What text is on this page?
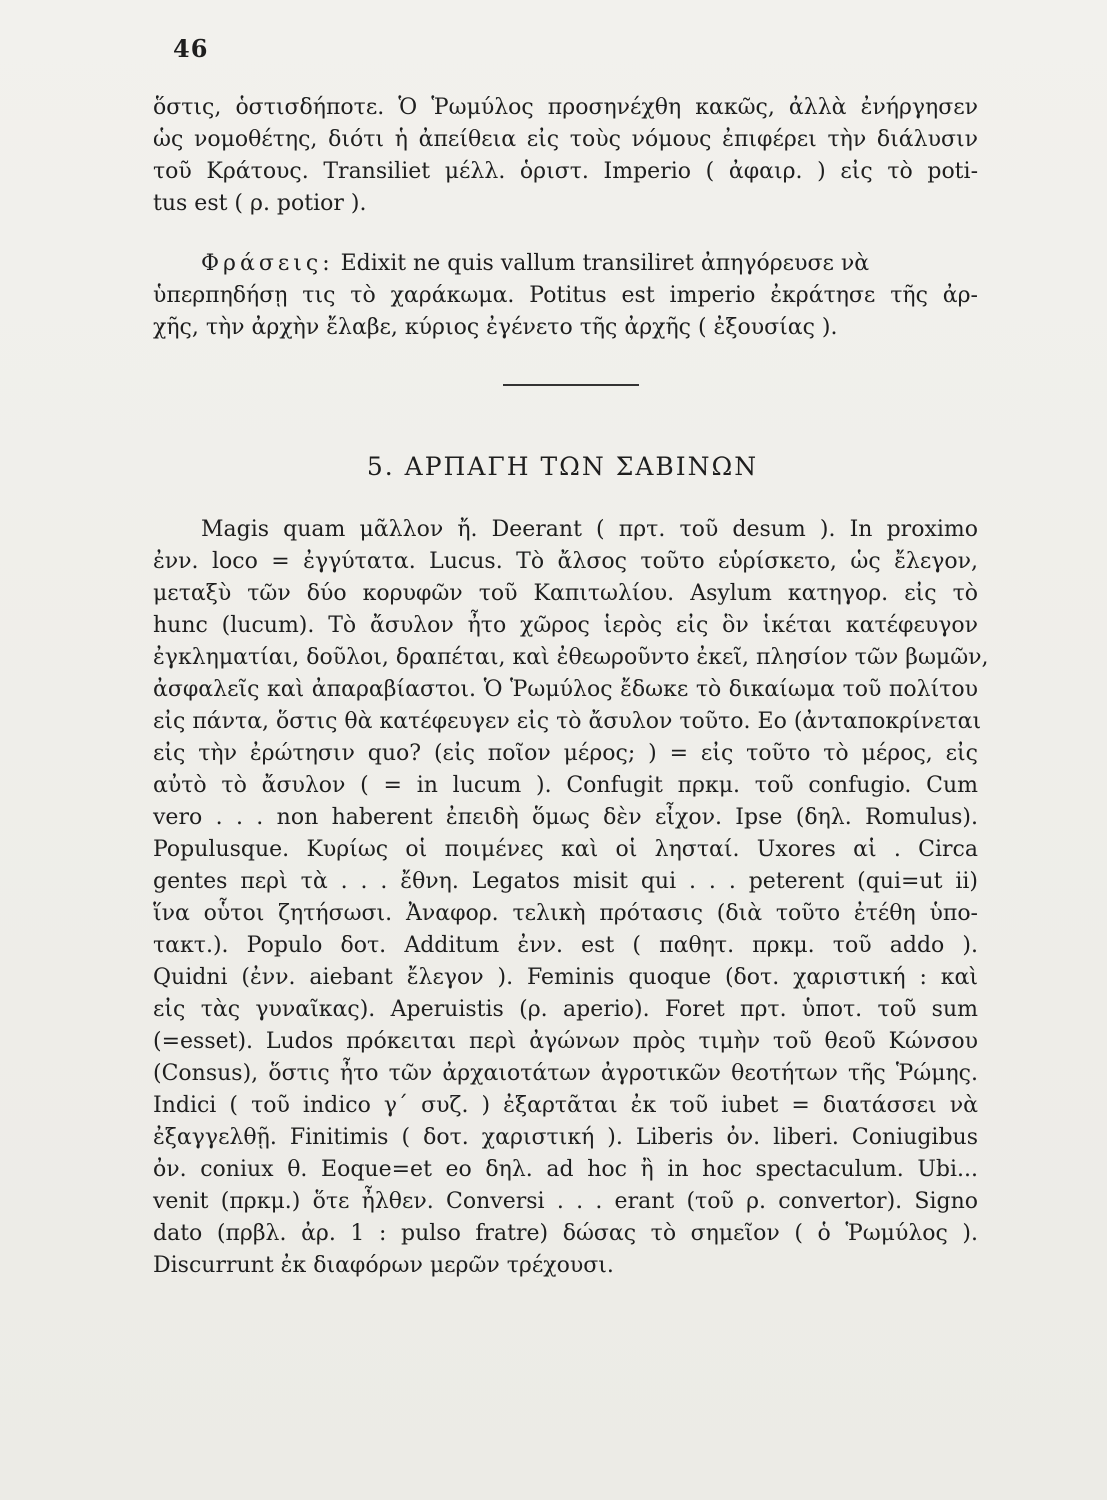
46
ὅστις, ὁστισδήποτε. Ὁ Ῥωμύλος προσηνέχθη κακῶς, ἀλλὰ ἐνήργησεν
ὡς νομοθέτης, διότι ἡ ἀπείθεια εἰς τοὺς νόμους ἐπιφέρει τὴν διάλυσιν
τοῦ Κράτους. Transiliet μέλλ. ὁριστ. Imperio ( ἀφαιρ. ) εἰς τὸ poti-
tus est ( ρ. potior ).
Φράσεις: Edixit ne quis vallum transiliret ἀπηγόρευσε νὰ
ὑπερπηδήσῃ τις τὸ χαράκωμα. Potitus est imperio ἐκράτησε τῆς ἀρ-
χῆς, τὴν ἀρχὴν ἔλαβε, κύριος ἐγένετο τῆς ἀρχῆς ( ἐξουσίας ).
5. ΑΡΠΑΓΗ ΤΩΝ ΣΑΒΙΝΩΝ
Magis quam μᾶλλον ἤ. Deerant ( πρτ. τοῦ desum ). In proximo
ἐνν. loco = ἐγγύτατα. Lucus. Τὸ ἄλσος τοῦτο εὑρίσκετο, ὡς ἔλεγον,
μεταξὺ τῶν δύο κορυφῶν τοῦ Καπιτωλίου. Asylum κατηγορ. εἰς τὸ
hunc (lucum). Τὸ ἄσυλον ἦτο χῶρος ἱερὸς εἰς ὃν ἱκέται κατέφευγον
ἐγκληματίαι, δοῦλοι, δραπέται, καὶ ἐθεωροῦντο ἐκεῖ, πλησίον τῶν βωμῶν,
ἀσφαλεῖς καὶ ἀπαραβίαστοι. Ὁ Ῥωμύλος ἔδωκε τὸ δικαίωμα τοῦ πολίτου
εἰς πάντα, ὅστις θὰ κατέφευγεν εἰς τὸ ἄσυλον τοῦτο. Eo (ἀνταποκρίνεται
εἰς τὴν ἐρώτησιν quo? (εἰς ποῖον μέρος; ) = εἰς τοῦτο τὸ μέρος, εἰς
αὐτὸ τὸ ἄσυλον ( = in lucum ). Confugit πρκμ. τοῦ confugio. Cum
vero . . . non haberent ἐπειδὴ ὅμως δὲν εἶχον. Ipse (δηλ. Romulus).
Populusque. Κυρίως οἱ ποιμένες καὶ οἱ λησταί. Uxores αἱ . Circa
gentes περὶ τὰ . . . ἔθνη. Legatos misit qui . . . peterent (qui=ut ii)
ἵνα οὗτοι ζητήσωσι. Ἀναφορ. τελικὴ πρότασις (διὰ τοῦτο ἐτέθη ὑπο-
τακτ.). Populo δοτ. Additum ἐνν. est ( παθητ. πρκμ. τοῦ addo ).
Quidni (ἐνν. aiebant ἔλεγον ). Feminis quoque (δοτ. χαριστική : καὶ
εἰς τὰς γυναῖκας). Aperuistis (ρ. aperio). Foret πρτ. ὑποτ. τοῦ sum
(=esset). Ludos πρόκειται περὶ ἀγώνων πρὸς τιμὴν τοῦ θεοῦ Κώνσου
(Consus), ὅστις ἦτο τῶν ἀρχαιοτάτων ἀγροτικῶν θεοτήτων τῆς Ῥώμης.
Indici ( τοῦ indico γ΄ συζ. ) ἐξαρτᾶται ἐκ τοῦ iubet = διατάσσει νὰ
ἐξαγγελθῇ. Finitimis ( δοτ. χαριστική ). Liberis ὀν. liberi. Coniugibus
ὀν. coniux θ. Eoque=et eo δηλ. ad hoc ἢ in hoc spectaculum. Ubi...
venit (πρκμ.) ὅτε ἦλθεν. Conversi . . . erant (τοῦ ρ. convertor). Signo
dato (πρβλ. ἀρ. 1 : pulso fratre) δώσας τὸ σημεῖον ( ὁ Ῥωμύλος ).
Discurrunt ἐκ διαφόρων μερῶν τρέχουσι.
